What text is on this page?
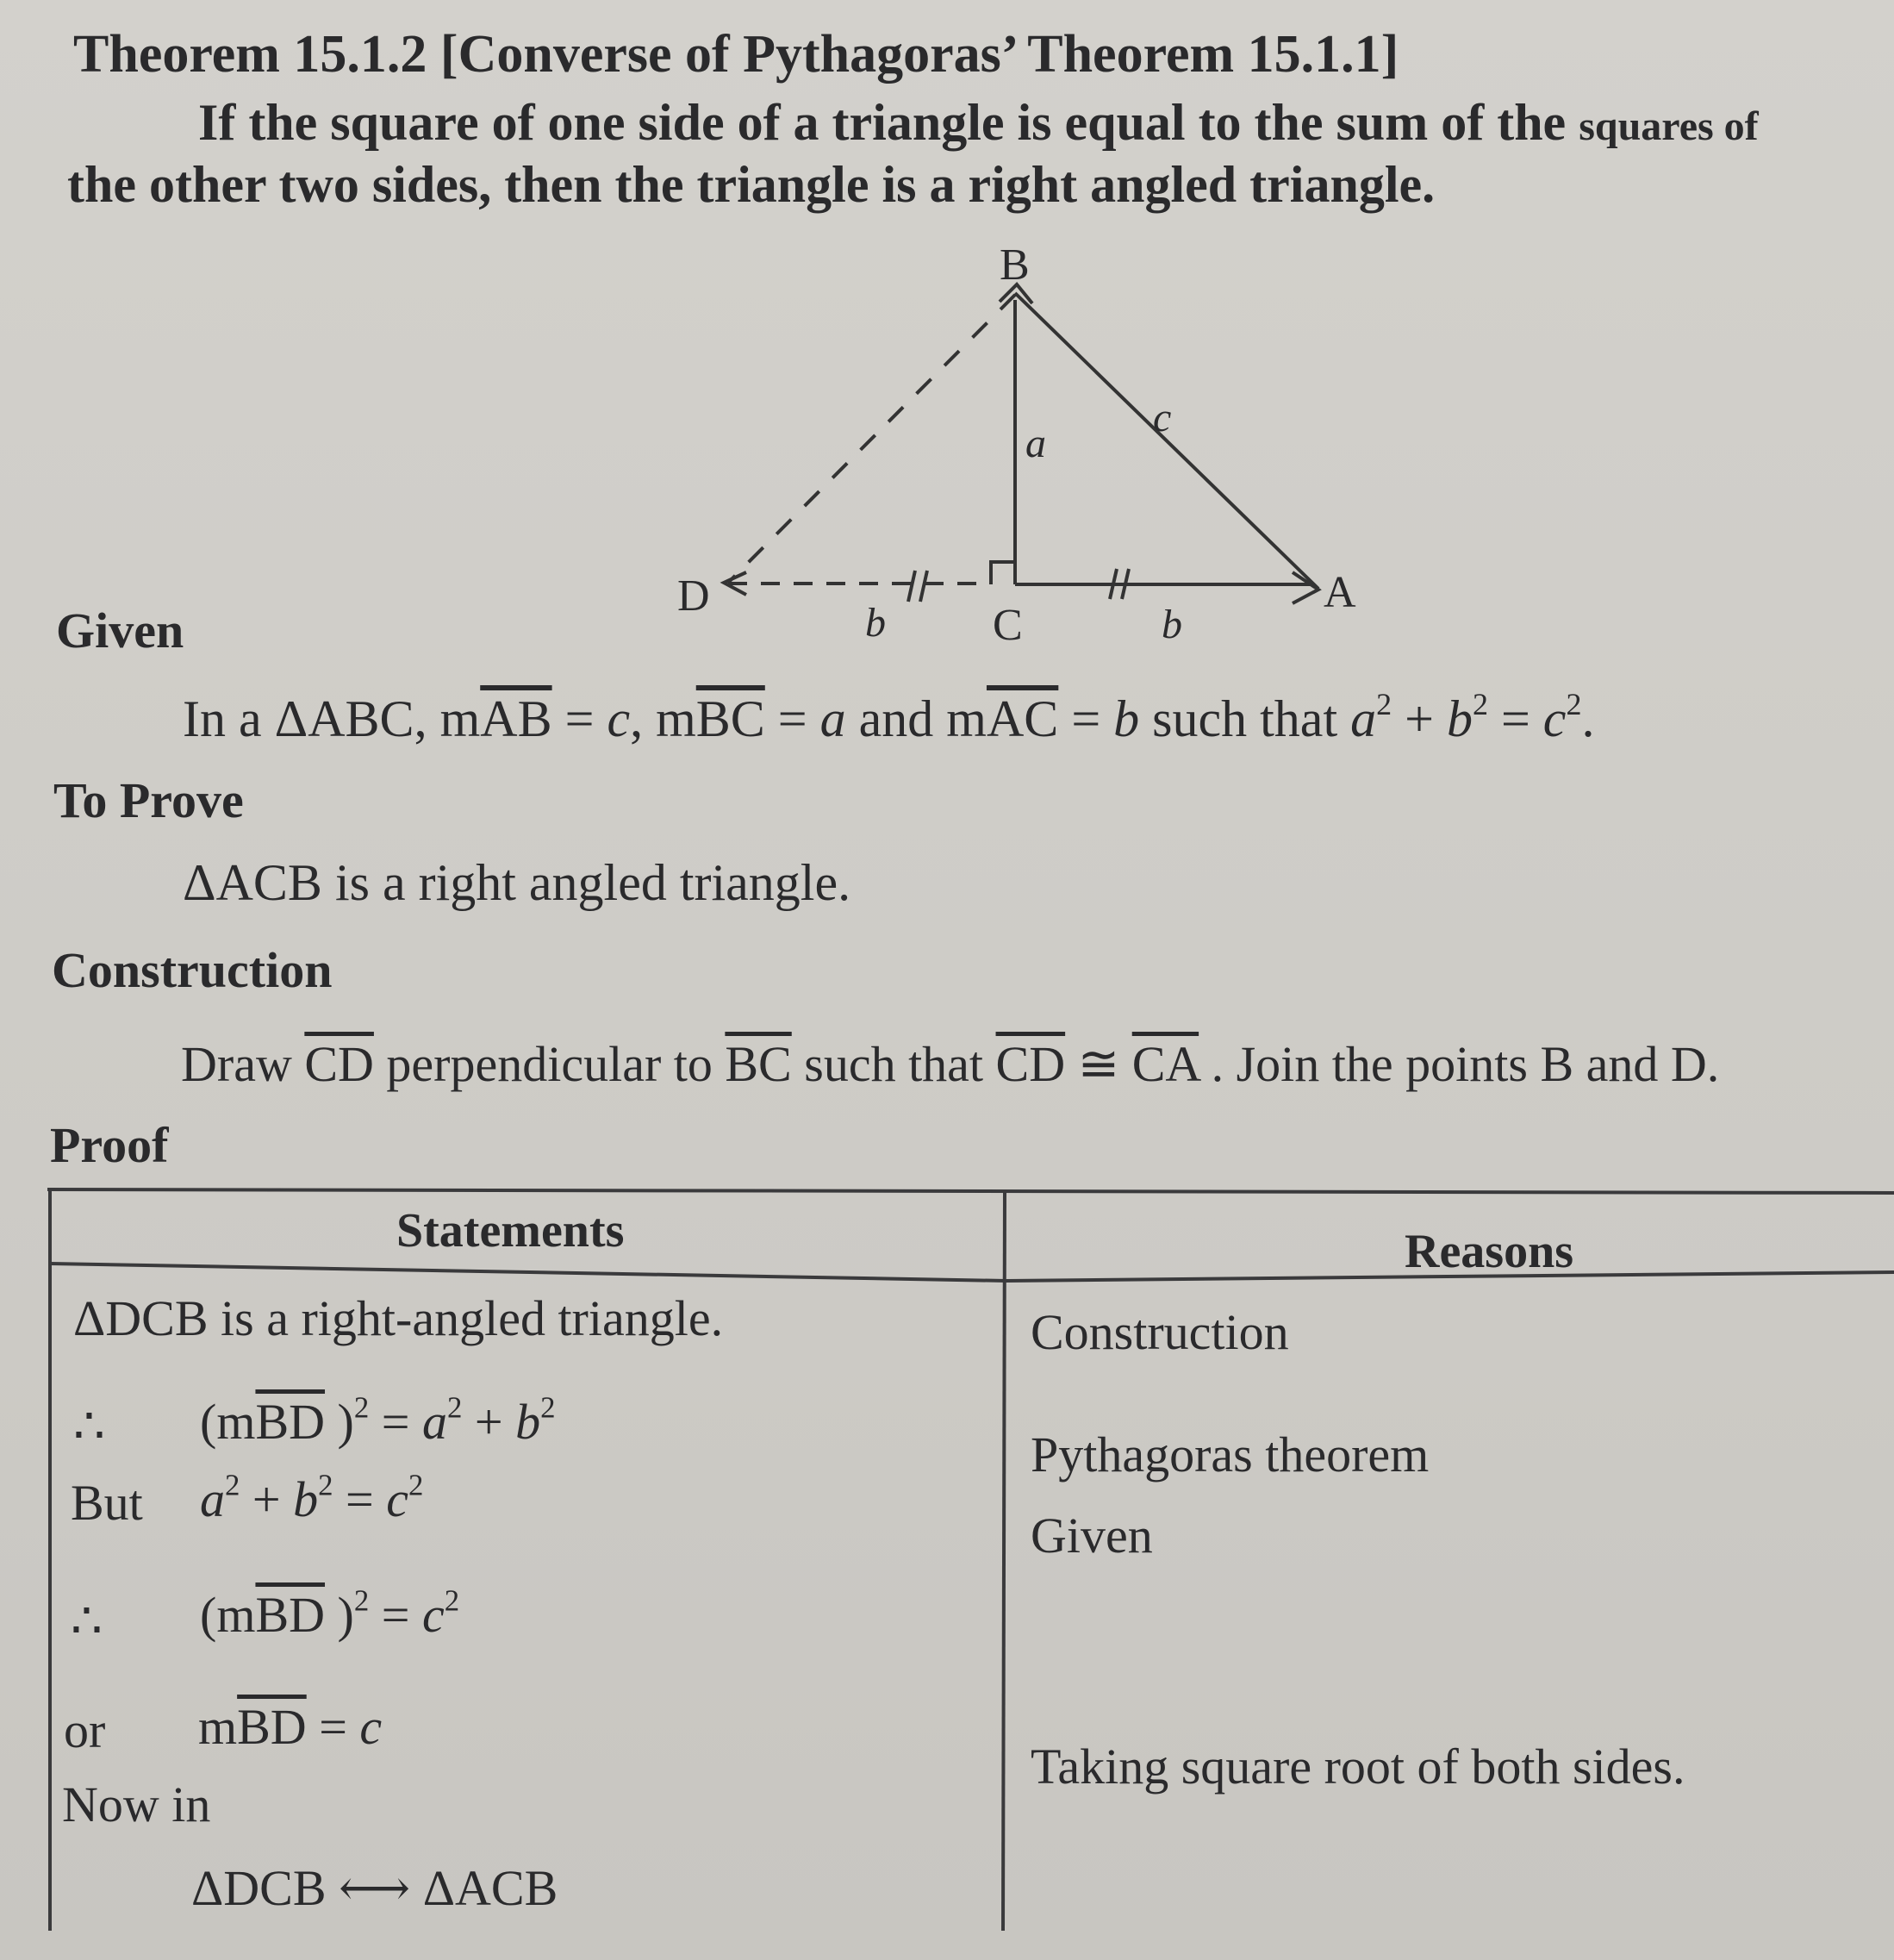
Theorem 15.1.2 [Converse of Pythagoras’ Theorem 15.1.1]
If the square of one side of a triangle is equal to the sum of the squares of
the other two sides, then the triangle is a right angled triangle.
B
C
A
D
a
c
b
b
Given
In a ΔABC, $m\overline{AB} = c$, $m\overline{BC} = a$ and $m\overline{AC} = b$ such that $a^2 + b^2 = c^2$.
To Prove
ΔACB is a right angled triangle.
Construction
Draw $\overline{CD}$ perpendicular to $\overline{BC}$ such that $\overline{CD}$ ≅ $\overline{CA}$ . Join the points B and D.
Proof
Statements	Reasons
ΔDCB is a right-angled triangle.	Construction
∴ ($m\overline{BD}$ )$^2 = a^2 + b^2$
Pythagoras theorem
But $a^2 + b^2 = c^2$
Given
∴ ($m\overline{BD}$ )$^2 = c^2$
or $m\overline{BD} = c$
Taking square root of both sides.
Now in
ΔDCB ⟷ ΔACB
